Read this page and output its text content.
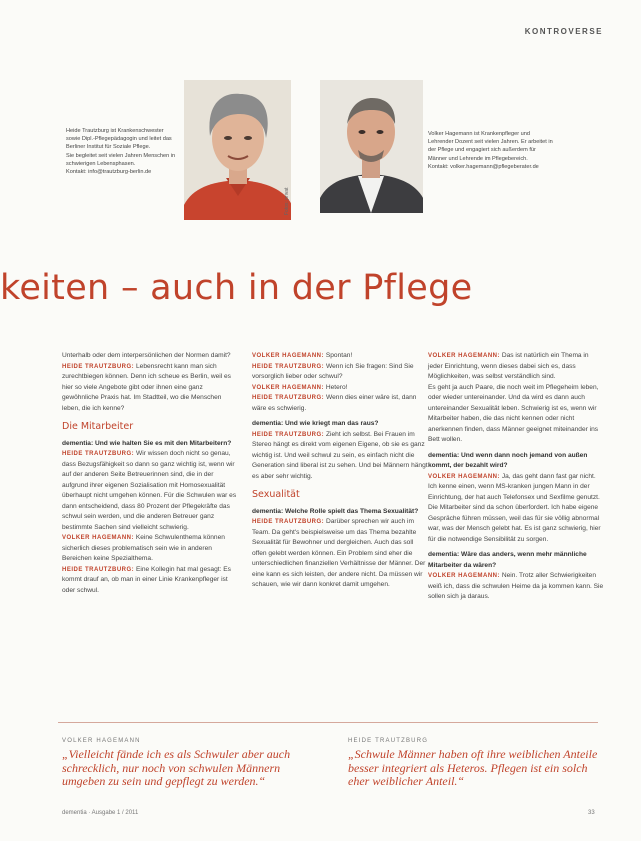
KONTROVERSE
Fotos: privat
Heide Trautzburg ist Krankenschwester sowie Dipl.-Pflegepädagogin und leitet das Berliner Institut für Soziale Pflege.
Sie begleitet seit vielen Jahren Menschen in schwierigen Lebensphasen.
Kontakt: info@trautzburg-berlin.de
Volker Hagemann ist Krankenpfleger und Lehrender Dozent seit vielen Jahren. Er arbeitet in der Pflege und engagiert sich außerdem für Männer und Lehrende im Pflegebereich.
Kontakt: volker.hagemann@pflegeberater.de
keiten – auch in der Pflege

Unterhalb oder dem interpersönlichen der Normen damit?

HEIDE TRAUTZBURG: Lebensrecht kann man sich zurechtbiegen können. Denn ich scheue es Berlin, weil es hier so viele Angebote gibt oder ihnen eine ganz gewöhnliche Praxis hat. Im Stadtteil, wo die Menschen leben, die ich kenne?

Die Mitarbeiter

dementia: Und wie halten Sie es mit den Mitarbeitern?

HEIDE TRAUTZBURG: Wir wissen doch nicht so genau, dass Bezugsfähigkeit so dann so ganz wichtig ist, wenn wir auf der anderen Seite Betreuerinnen sind, die in der aufgrund ihrer eigenen Sozialisation mit Homosexualität überhaupt nicht umgehen können. Für die Schwulen war es dann entscheidend, dass 80 Prozent der Pflegekräfte das schwul sein werden, und die anderen Betreuer ganz bestimmte Sachen sind vielleicht schwierig.

VOLKER HAGEMANN: Keine Schwulenthema können sicherlich dieses problematisch sein wie in anderen Bereichen keine Spezialthema.

HEIDE TRAUTZBURG: Eine Kollegin hat mal gesagt: Es kommt drauf an, ob man in einer Linie Krankenpfleger ist oder schwul.

VOLKER HAGEMANN: Spontan!

HEIDE TRAUTZBURG: Wenn ich Sie fragen: Sind Sie vorsorglich lieber oder schwul?

VOLKER HAGEMANN: Hetero!

HEIDE TRAUTZBURG: Wenn dies einer wäre ist, dann wäre es schwierig.

dementia: Und wie kriegt man das raus?

HEIDE TRAUTZBURG: Zieht ich selbst. Bei Frauen im Stereo hängt es direkt vom eigenen Eigene, ob sie es ganz wichtig ist. Und weil schwul zu sein, es einfach nicht die Generation sind liberal ist zu sehen. Und bei Männern hängt es aber sehr wichtig.

Sexualität

dementia: Welche Rolle spielt das Thema Sexualität?

HEIDE TRAUTZBURG: Darüber sprechen wir auch im Team. Da geht's beispielsweise um das Thema bezahlte Sexualität für Bewohner und dergleichen. Auch das soll offen gelebt werden können. Ein Problem sind eher die unterschiedlichen finanziellen Verhältnisse der Männer. Der eine kann es sich leisten, der andere nicht. Da müssen wir schauen, wie wir dann konkret damit umgehen.

VOLKER HAGEMANN: Das ist natürlich ein Thema in jeder Einrichtung, wenn dieses dabei sich es, dass Möglichkeiten, was selbst verständlich sind.

Es geht ja auch Paare, die noch weit im Pflegeheim leben, oder wieder untereinander. Und da wird es dann auch untereinander Sexualität leben. Schwierig ist es, wenn wir Mitarbeiter haben, die das nicht kennen oder nicht anerkennen finden, dass Männer geeignet miteinander ins Bett wollen.

dementia: Und wenn dann noch jemand von außen kommt, der bezahlt wird?

VOLKER HAGEMANN: Ja, das geht dann fast gar nicht. Ich kenne einen, wenn MS-kranken jungen Mann in der Einrichtung, der hat auch Telefonsex und Sexfilme genutzt. Die Mitarbeiter sind da schon überfordert. Ich habe eigene Gespräche führen müssen, weil das für sie völlig abnormal war, was der Mensch gelebt hat. Es ist ganz schwierig, hier für die notwendige Sensibilität zu sorgen.

dementia: Wäre das anders, wenn mehr männliche Mitarbeiter da wären?

VOLKER HAGEMANN: Nein. Trotz aller Schwierigkeiten weiß ich, dass die schwulen Heime da ja kommen kann. Sie sollen sich ja daraus.

VOLKER HAGEMANN
„Vielleicht fände ich es als Schwuler aber auch schrecklich, nur noch von schwulen Männern umgeben zu sein und gepflegt zu werden.“
HEIDE TRAUTZBURG
„Schwule Männer haben oft ihre weiblichen Anteile besser integriert als Heteros. Pflegen ist ein solch eher weiblicher Anteil.“
dementia · Ausgabe 1 / 2011	33
